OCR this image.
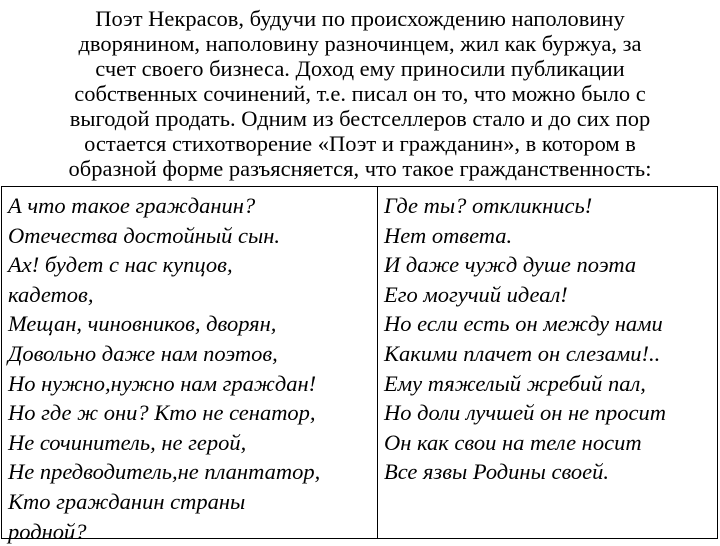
Поэт Некрасов, будучи по происхождению наполовину
дворянином, наполовину разночинцем, жил как буржуа, за
счет своего бизнеса. Доход ему приносили публикации
собственных сочинений, т.е. писал он то, что можно было с
выгодой продать. Одним из бестселлеров стало и до сих пор
остается стихотворение «Поэт и гражданин», в котором в
образной форме разъясняется, что такое гражданственность:
А что такое гражданин?
Отечества достойный сын.
Ах! будет с нас купцов,
кадетов,
Мещан, чиновников, дворян,
Довольно даже нам поэтов,
Но нужно,нужно нам граждан!
Но где ж они? Кто не сенатор,
Не сочинитель, не герой,
Не предводитель,не плантатор,
Кто гражданин страны
родной?
Где ты? откликнись!
Нет ответа.
И даже чужд душе поэта
Его могучий идеал!
Но если есть он между нами
Какими плачет он слезами!..
Ему тяжелый жребий пал,
Но доли лучшей он не просит
Он как свои на теле носит
Все язвы Родины своей.
